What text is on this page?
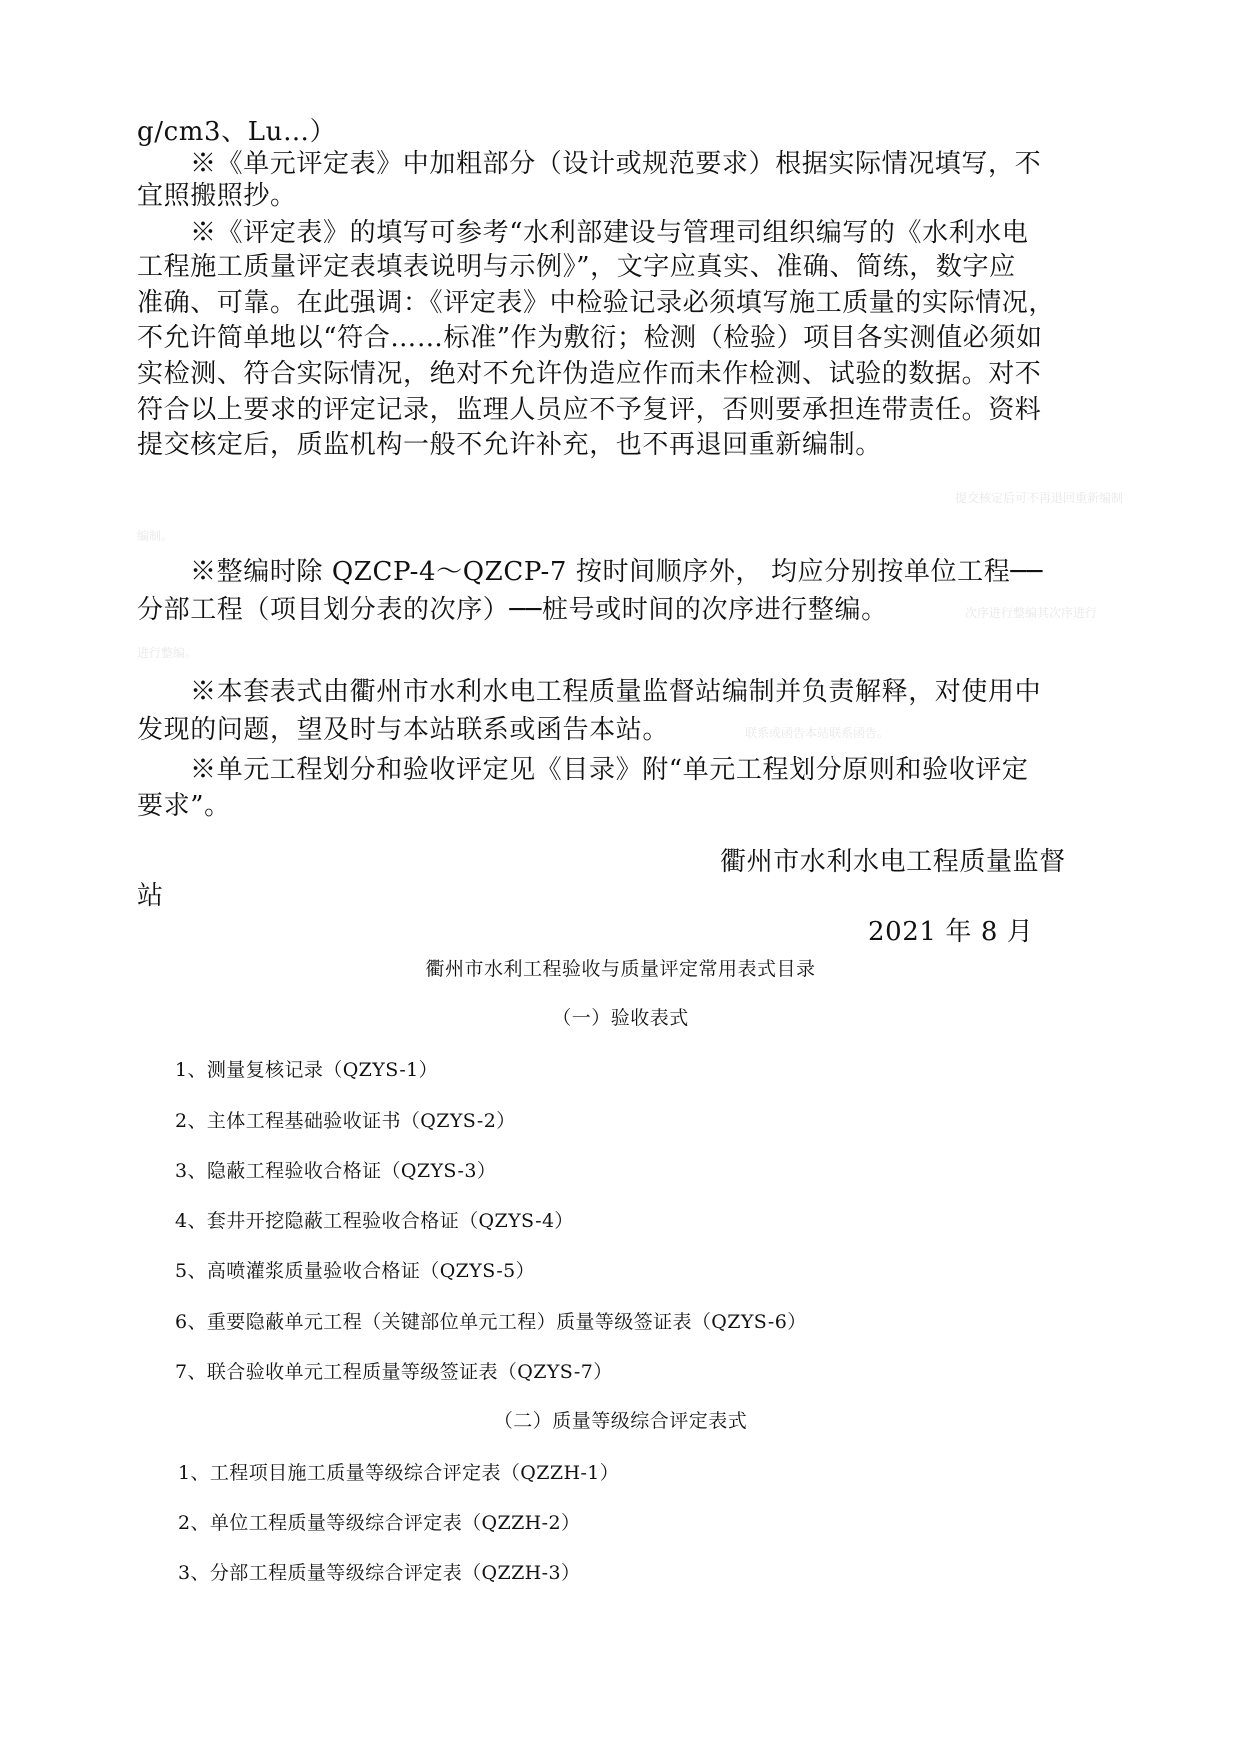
g/cm3、Lu…）
※《单元评定表》中加粗部分（设计或规范要求）根据实际情况填写，不
宜照搬照抄。
※《评定表》的填写可参考“水利部建设与管理司组织编写的《水利水电
工程施工质量评定表填表说明与示例》”，文字应真实、准确、简练，数字应
准确、可靠。在此强调：《评定表》中检验记录必须填写施工质量的实际情况，
不允许简单地以“符合……标准”作为敷衍；检测（检验）项目各实测值必须如
实检测、符合实际情况，绝对不允许伪造应作而未作检测、试验的数据。对不
符合以上要求的评定记录，监理人员应不予复评，否则要承担连带责任。资料
提交核定后，质监机构一般不允许补充，也不再退回重新编制。
提交核定后可不再退回重新编制
编制。
※整编时除 QZCP-4～QZCP-7 按时间顺序外， 均应分别按单位工程──
分部工程（项目划分表的次序）──桩号或时间的次序进行整编。	次序进行整编其次序进行
进行整编。
※本套表式由衢州市水利水电工程质量监督站编制并负责解释，对使用中
发现的问题，望及时与本站联系或函告本站。	联系或函告本站联系函告。
※单元工程划分和验收评定见《目录》附“单元工程划分原则和验收评定
要求”。
衢州市水利水电工程质量监督
站
2021 年 8 月
衢州市水利工程验收与质量评定常用表式目录
（一）验收表式
1、测量复核记录（QZYS-1）
2、主体工程基础验收证书（QZYS-2）
3、隐蔽工程验收合格证（QZYS-3）
4、套井开挖隐蔽工程验收合格证（QZYS-4）
5、高喷灌浆质量验收合格证（QZYS-5）
6、重要隐蔽单元工程（关键部位单元工程）质量等级签证表（QZYS-6）
7、联合验收单元工程质量等级签证表（QZYS-7）
（二）质量等级综合评定表式
1、工程项目施工质量等级综合评定表（QZZH-1）
2、单位工程质量等级综合评定表（QZZH-2）
3、分部工程质量等级综合评定表（QZZH-3）
